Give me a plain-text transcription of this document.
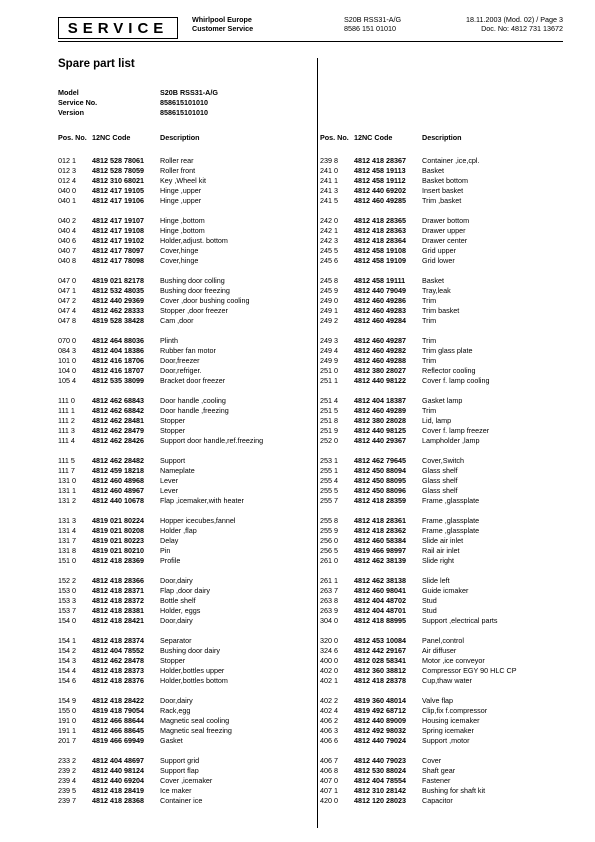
SERVICE	Whirlpool Europe
Customer Service
S20B RSS31-A/G
8586 151 01010
18.11.2003 (Mod. 02) / Page 3
Doc. No: 4812 731 13672
Spare part list
Model	S20B RSS31-A/G
Service No.	858615101010
Version	858615101010
Pos. No. 12NC Code	Description
012 1	4812 528 78061	Roller rear
012 3	4812 528 78059	Roller front
012 4	4812 310 68021	Key ,Wheel kit
040 0	4812 417 19105	Hinge ,upper
040 1	4812 417 19106	Hinge ,upper
040 2	4812 417 19107	Hinge ,bottom
040 4	4812 417 19108	Hinge ,bottom
040 6	4812 417 19102	Holder,adjust. bottom
040 7	4812 417 78097	Cover,hinge
040 8	4812 417 78098	Cover,hinge
047 0	4819 021 82178	Bushing door colling
047 1	4812 532 48035	Bushing door freezing
047 2	4812 440 29369	Cover ,door bushing cooling
047 4	4812 462 28333	Stopper ,door freezer
047 8	4819 528 38428	Cam ,door
070 0	4812 464 88036	Plinth
084 3	4812 404 18386	Rubber fan motor
101 0	4812 416 18706	Door,freezer
104 0	4812 416 18707	Door,refriger.
105 4	4812 535 38099	Bracket door freezer
111 0	4812 462 68843	Door handle ,cooling
111 1	4812 462 68842	Door handle ,freezing
111 2	4812 462 28481	Stopper
111 3	4812 462 28479	Stopper
111 4	4812 462 28426	Support door handle,ref.freezing
111 5	4812 462 28482	Support
111 7	4812 459 18218	Nameplate
131 0	4812 460 48968	Lever
131 1	4812 460 48967	Lever
131 2	4812 440 10678	Flap ,icemaker,with heater
131 3	4819 021 80224	Hopper icecubes,fannel
131 4	4819 021 80208	Holder ,flap
131 7	4819 021 80223	Delay
131 8	4819 021 80210	Pin
151 0	4812 418 28369	Profile
152 2	4812 418 28366	Door,dairy
153 0	4812 418 28371	Flap ,door dairy
153 3	4812 418 28372	Bottle shelf
153 7	4812 418 28381	Holder, eggs
154 0	4812 418 28421	Door,dairy
154 1	4812 418 28374	Separator
154 2	4812 404 78552	Bushing door dairy
154 3	4812 462 28478	Stopper
154 4	4812 418 28373	Holder,bottles upper
154 6	4812 418 28376	Holder,bottles bottom
154 9	4812 418 28422	Door,dairy
155 0	4819 418 79054	Rack,egg
191 0	4812 466 88644	Magnetic seal cooling
191 1	4812 466 88645	Magnetic seal freezing
201 7	4819 466 69949	Gasket
233 2	4812 404 48697	Support grid
239 2	4812 440 98124	Support flap
239 4	4812 440 69204	Cover ,icemaker
239 5	4812 418 28419	Ice maker
239 7	4812 418 28368	Container ice
Pos. No. 12NC Code	Description
239 8	4812 418 28367	Container ,ice,cpl.
241 0	4812 458 19113	Basket
241 1	4812 458 19112	Basket bottom
241 3	4812 440 69202	Insert basket
241 5	4812 460 49285	Trim ,basket
242 0	4812 418 28365	Drawer bottom
242 1	4812 418 28363	Drawer upper
242 3	4812 418 28364	Drawer center
245 5	4812 458 19108	Grid upper
245 6	4812 458 19109	Grid lower
245 8	4812 458 19111	Basket
245 9	4812 440 79049	Tray,leak
249 0	4812 460 49286	Trim
249 1	4812 460 49283	Trim basket
249 2	4812 460 49284	Trim
249 3	4812 460 49287	Trim
249 4	4812 460 49282	Trim glass plate
249 9	4812 460 49288	Trim
251 0	4812 380 28027	Reflector cooling
251 1	4812 440 98122	Cover f. lamp cooling
251 4	4812 404 18387	Gasket lamp
251 5	4812 460 49289	Trim
251 8	4812 380 28028	Lid, lamp
251 9	4812 440 98125	Cover f. lamp freezer
252 0	4812 440 29367	Lampholder ,lamp
253 1	4812 462 79645	Cover,Switch
255 1	4812 450 88094	Glass shelf
255 4	4812 450 88095	Glass shelf
255 5	4812 450 88096	Glass shelf
255 7	4812 418 28359	Frame ,glassplate
255 8	4812 418 28361	Frame ,glassplate
255 9	4812 418 28362	Frame ,glassplate
256 0	4812 460 58384	Slide air inlet
256 5	4819 466 98997	Rail air inlet
261 0	4812 462 38139	Slide right
261 1	4812 462 38138	Slide left
263 7	4812 460 98041	Guide icmaker
263 8	4812 404 48702	Stud
263 9	4812 404 48701	Stud
304 0	4812 418 88995	Support ,electrical parts
320 0	4812 453 10084	Panel,control
324 6	4812 442 29167	Air diffuser
400 0	4812 028 58341	Motor ,ice conveyor
402 0	4812 360 38812	Compressor EGY 90 HLC CP
402 1	4812 418 28378	Cup,thaw water
402 2	4819 360 48014	Valve flap
402 4	4819 492 68712	Clip,fix f.compressor
406 2	4812 440 89009	Housing icemaker
406 3	4812 492 98032	Spring icemaker
406 6	4812 440 79024	Support ,motor
406 7	4812 440 79023	Cover
406 8	4812 530 88024	Shaft gear
407 0	4812 404 78554	Fastener
407 1	4812 310 28142	Bushing for shaft kit
420 0	4812 120 28023	Capacitor
